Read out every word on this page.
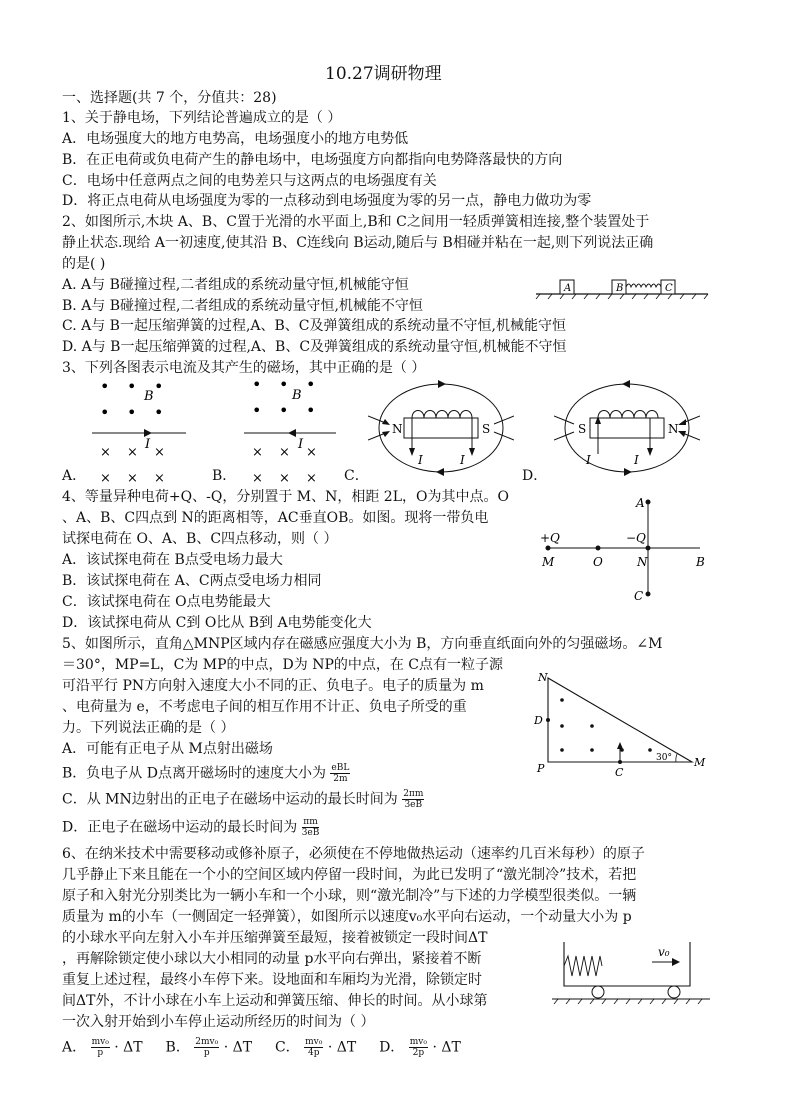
10.27调研物理
一、选择题(共 7 个，分值共：28)
1、关于静电场，下列结论普遍成立的是（ ）
A．电场强度大的地方电势高，电场强度小的地方电势低
B．在正电荷或负电荷产生的静电场中，电场强度方向都指向电势降落最快的方向
C．电场中任意两点之间的电势差只与这两点的电场强度有关
D．将正点电荷从电场强度为零的一点移动到电场强度为零的另一点，静电力做功为零
2、如图所示,木块 A、B、C置于光滑的水平面上,B和 C之间用一轻质弹簧相连接,整个装置处于
静止状态.现给 A一初速度,使其沿 B、C连线向 B运动,随后与 B相碰并粘在一起,则下列说法正确
的是( )
A. A与 B碰撞过程,二者组成的系统动量守恒,机械能守恒
B. A与 B碰撞过程,二者组成的系统动量守恒,机械能不守恒
C. A与 B一起压缩弹簧的过程,A、B、C及弹簧组成的系统动量不守恒,机械能守恒
D. A与 B一起压缩弹簧的过程,A、B、C及弹簧组成的系统动量守恒,机械能不守恒
A	B	C
3、下列各图表示电流及其产生的磁场，其中正确的是（ ）
• • •
B
• • •
I
× × ×
× × ×
A．
• • •
B
• • •
I
× × ×
× × ×
B．
N	S
I	I
C．
S	N
I	I
D．
4、等量异种电荷+Q、-Q，分别置于 M、N，相距 2L，O为其中点。O
、A、B、C四点到 N的距离相等，AC垂直OB。如图。现将一带负电
试探电荷在 O、A、B、C四点移动，则（ ）
A．该试探电荷在 B点受电场力最大
B．该试探电荷在 A、C两点受电场力相同
C．该试探电荷在 O点电势能最大
D．该试探电荷从 C到 O比从 B到 A电势能变化大
+Q	−Q
M	O	N	B
A
C
5、如图所示，直角△MNP区域内存在磁感应强度大小为 B，方向垂直纸面向外的匀强磁场。∠M
＝30°，MP=L，C为 MP的中点，D为 NP的中点，在 C点有一粒子源
可沿平行 PN方向射入速度大小不同的正、负电子。电子的质量为 m
、电荷量为 e，不考虑电子间的相互作用不计正、负电子所受的重
力。下列说法正确的是（ ）
A．可能有正电子从 M点射出磁场
B．负电子从 D点离开磁场时的速度大小为 eBL
2m
C．从 MN边射出的正电子在磁场中运动的最长时间为 $\frac{2\pi m}{3eB}$
D．正电子在磁场中运动的最长时间为 $\frac{\pi m}{3eB}$
N
D
P	C
M
30°
6、在纳米技术中需要移动或修补原子，必须使在不停地做热运动（速率约几百米每秒）的原子
几乎静止下来且能在一个小的空间区域内停留一段时间，为此已发明了“激光制冷”技术，若把
原子和入射光分别类比为一辆小车和一个小球，则“激光制冷”与下述的力学模型很类似。一辆
质量为 m的小车（一侧固定一轻弹簧），如图所示以速度v₀水平向右运动，一个动量大小为 p
的小球水平向左射入小车并压缩弹簧至最短，接着被锁定一段时间ΔT
，再解除锁定使小球以大小相同的动量 p水平向右弹出，紧接着不断
重复上述过程，最终小车停下来。设地面和车厢均为光滑，除锁定时
间ΔT外，不计小球在小车上运动和弹簧压缩、伸长的时间。从小球第
一次入射开始到小车停止运动所经历的时间为（ ）
v₀
A． $\frac{\text{mv₀}}{p} \cdot \Delta T$ B． $\frac{\text{2mv₀}}{p} \cdot \Delta T$ C． $\frac{\text{mv₀}}{4p} \cdot \Delta T$ D． $\frac{\text{mv₀}}{2p} \cdot \Delta T$
